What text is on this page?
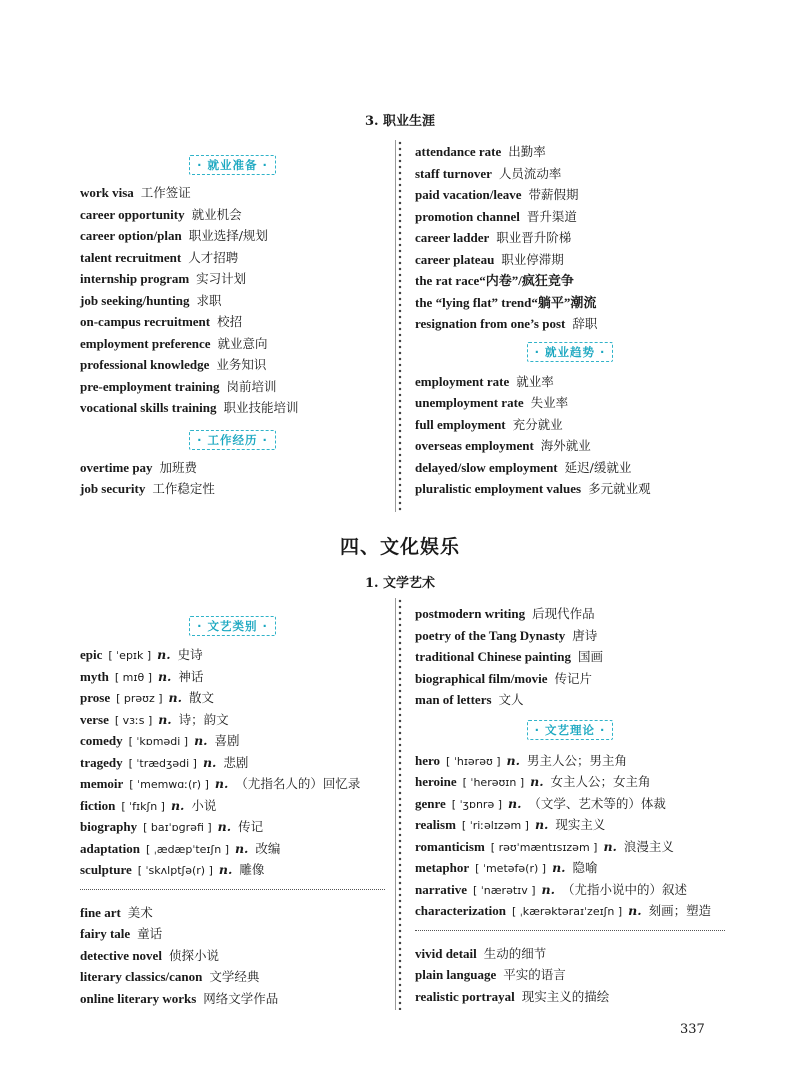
3. 职业生涯
· 就业准备 ·
work visa 工作签证
career opportunity 就业机会
career option/plan 职业选择/规划
talent recruitment 人才招聘
internship program 实习计划
job seeking/hunting 求职
on-campus recruitment 校招
employment preference 就业意向
professional knowledge 业务知识
pre-employment training 岗前培训
vocational skills training 职业技能培训
· 工作经历 ·
overtime pay 加班费
job security 工作稳定性
attendance rate 出勤率
staff turnover 人员流动率
paid vacation/leave 带薪假期
promotion channel 晋升渠道
career ladder 职业晋升阶梯
career plateau 职业停滞期
the rat race“内卷”/疯狂竞争
the “lying flat” trend“躺平”潮流
resignation from one’s post 辞职
· 就业趋势 ·
employment rate 就业率
unemployment rate 失业率
full employment 充分就业
overseas employment 海外就业
delayed/slow employment 延迟/缓就业
pluralistic employment values 多元就业观
四、文化娱乐
1. 文学艺术
· 文艺类别 ·
epic [ ˈepɪk ] n. 史诗
myth [ mɪθ ] n. 神话
prose [ prəʊz ] n. 散文
verse [ vɜːs ] n. 诗；韵文
comedy [ ˈkɒmədi ] n. 喜剧
tragedy [ ˈtrædʒədi ] n. 悲剧
memoir [ ˈmemwɑː(r) ] n. （尤指名人的）回忆录
fiction [ ˈfɪkʃn ] n. 小说
biography [ baɪˈɒɡrəfi ] n. 传记
adaptation [ ˌædæpˈteɪʃn ] n. 改编
sculpture [ ˈskʌlptʃə(r) ] n. 雕像
fine art 美术
fairy tale 童话
detective novel 侦探小说
literary classics/canon 文学经典
online literary works 网络文学作品
postmodern writing 后现代作品
poetry of the Tang Dynasty 唐诗
traditional Chinese painting 国画
biographical film/movie 传记片
man of letters 文人
· 文艺理论 ·
hero [ ˈhɪərəʊ ] n. 男主人公；男主角
heroine [ ˈherəʊɪn ] n. 女主人公；女主角
genre [ ˈʒɒnrə ] n. （文学、艺术等的）体裁
realism [ ˈriːəlɪzəm ] n. 现实主义
romanticism [ rəʊˈmæntɪsɪzəm ] n. 浪漫主义
metaphor [ ˈmetəfə(r) ] n. 隐喻
narrative [ ˈnærətɪv ] n. （尤指小说中的）叙述
characterization [ ˌkærəktəraɪˈzeɪʃn ] n. 刻画；塑造
vivid detail 生动的细节
plain language 平实的语言
realistic portrayal 现实主义的描绘
337
